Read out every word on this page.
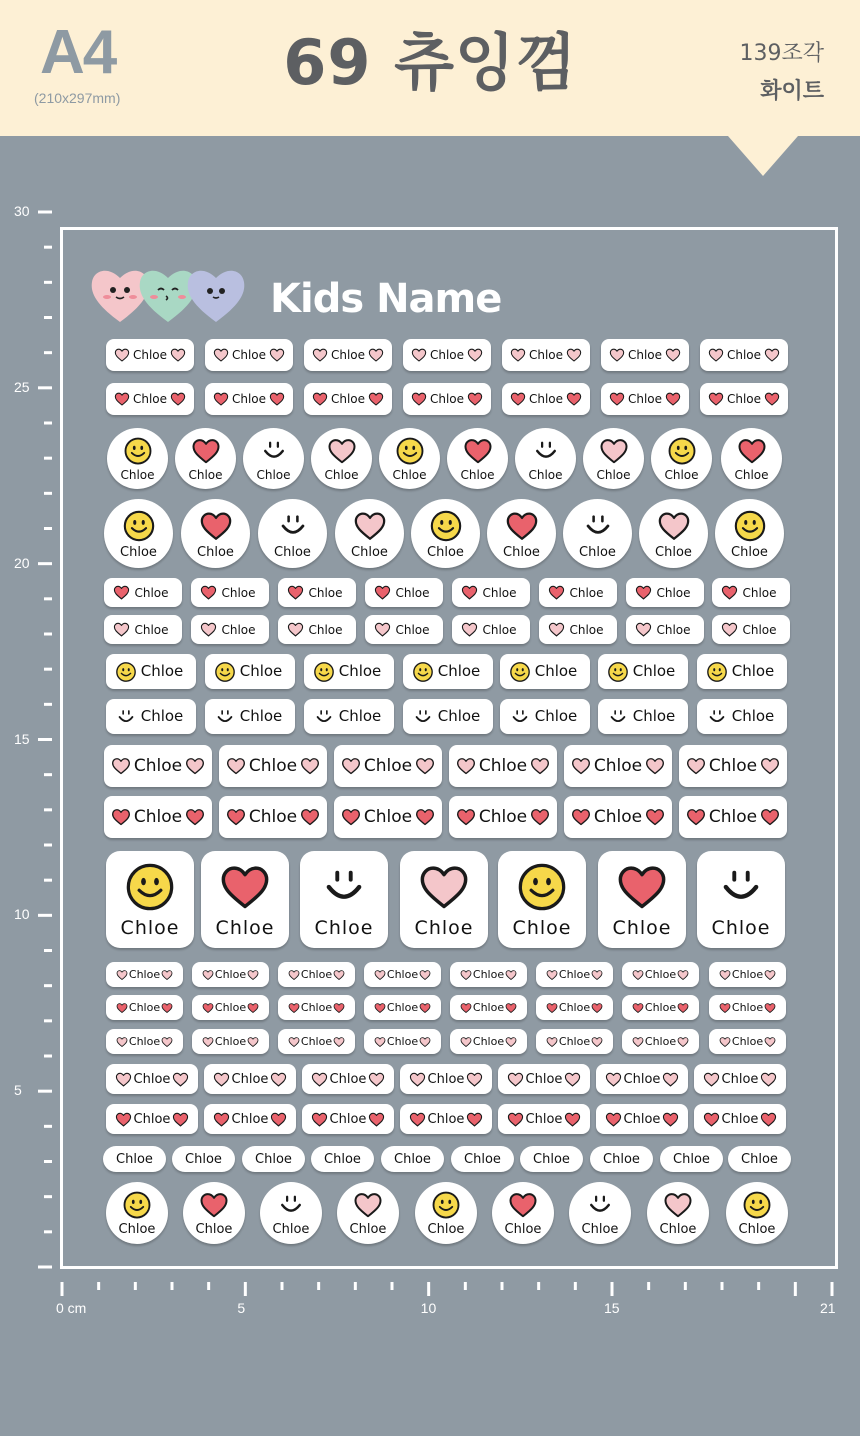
A4
(210x297mm)	69 츄잉껌	139조각
화이트
30
25
20
15
10
5
0 cm	5	10	15	21
Kids Name
Chloe	Chloe	Chloe	Chloe	Chloe	Chloe	Chloe
Chloe	Chloe	Chloe	Chloe	Chloe	Chloe	Chloe
Chloe	Chloe	Chloe	Chloe	Chloe	Chloe	Chloe	Chloe	Chloe	Chloe
Chloe	Chloe	Chloe	Chloe	Chloe	Chloe	Chloe	Chloe	Chloe
Chloe	Chloe	Chloe	Chloe	Chloe	Chloe	Chloe	Chloe
Chloe	Chloe	Chloe	Chloe	Chloe	Chloe	Chloe	Chloe
Chloe	Chloe	Chloe	Chloe	Chloe	Chloe	Chloe
Chloe	Chloe	Chloe	Chloe	Chloe	Chloe	Chloe
Chloe	Chloe	Chloe	Chloe	Chloe	Chloe
Chloe	Chloe	Chloe	Chloe	Chloe	Chloe
Chloe Chloe Chloe Chloe Chloe Chloe Chloe
Chloe	Chloe	Chloe	Chloe	Chloe	Chloe	Chloe	Chloe
Chloe	Chloe	Chloe	Chloe	Chloe	Chloe	Chloe	Chloe
Chloe	Chloe	Chloe	Chloe	Chloe	Chloe	Chloe	Chloe
Chloe	Chloe	Chloe	Chloe	Chloe	Chloe	Chloe
Chloe	Chloe	Chloe	Chloe	Chloe	Chloe	Chloe
Chloe Chloe	Chloe Chloe	Chloe	Chloe Chloe	Chloe	Chloe Chloe
Chloe	Chloe	Chloe	Chloe	Chloe	Chloe	Chloe	Chloe	Chloe
